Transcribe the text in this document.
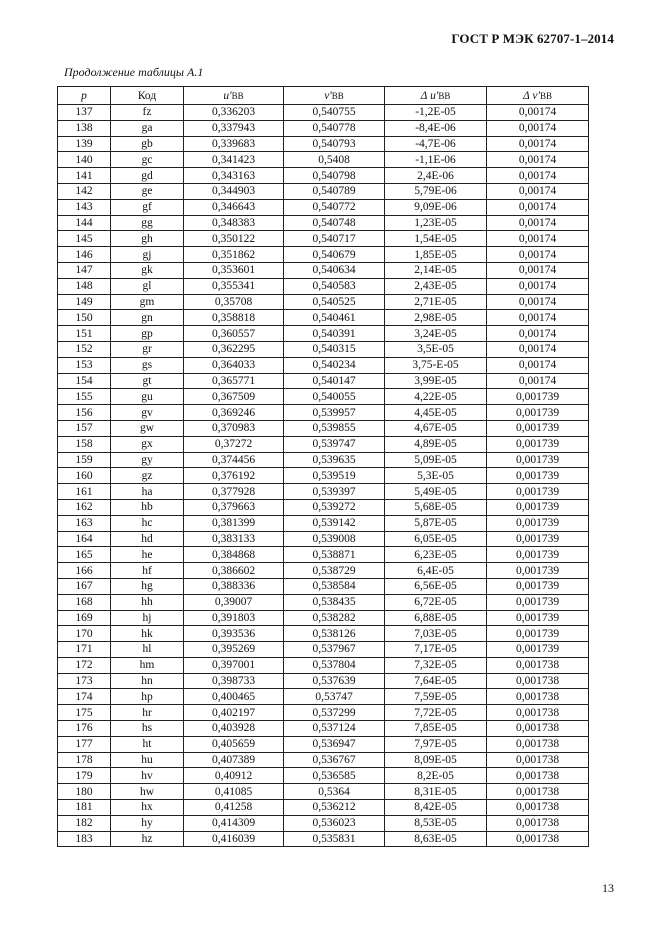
ГОСТ Р МЭК 62707-1–2014
Продолжение таблицы А.1
p	Код	u'BB	v'BB	Δ u'BB	Δ v'BB
137	fz	0,336203	0,540755	-1,2E-05	0,00174
138	ga	0,337943	0,540778	-8,4E-06	0,00174
139	gb	0,339683	0,540793	-4,7E-06	0,00174
140	gc	0,341423	0,5408	-1,1E-06	0,00174
141	gd	0,343163	0,540798	2,4E-06	0,00174
142	ge	0,344903	0,540789	5,79E-06	0,00174
143	gf	0,346643	0,540772	9,09E-06	0,00174
144	gg	0,348383	0,540748	1,23E-05	0,00174
145	gh	0,350122	0,540717	1,54E-05	0,00174
146	gj	0,351862	0,540679	1,85E-05	0,00174
147	gk	0,353601	0,540634	2,14E-05	0,00174
148	gl	0,355341	0,540583	2,43E-05	0,00174
149	gm	0,35708	0,540525	2,71E-05	0,00174
150	gn	0,358818	0,540461	2,98E-05	0,00174
151	gp	0,360557	0,540391	3,24E-05	0,00174
152	gr	0,362295	0,540315	3,5E-05	0,00174
153	gs	0,364033	0,540234	3,75-E-05	0,00174
154	gt	0,365771	0,540147	3,99E-05	0,00174
155	gu	0,367509	0,540055	4,22E-05	0,001739
156	gv	0,369246	0,539957	4,45E-05	0,001739
157	gw	0,370983	0,539855	4,67E-05	0,001739
158	gx	0,37272	0,539747	4,89E-05	0,001739
159	gy	0,374456	0,539635	5,09E-05	0,001739
160	gz	0,376192	0,539519	5,3E-05	0,001739
161	ha	0,377928	0,539397	5,49E-05	0,001739
162	hb	0,379663	0,539272	5,68E-05	0,001739
163	hc	0,381399	0,539142	5,87E-05	0,001739
164	hd	0,383133	0,539008	6,05E-05	0,001739
165	he	0,384868	0,538871	6,23E-05	0,001739
166	hf	0,386602	0,538729	6,4E-05	0,001739
167	hg	0,388336	0,538584	6,56E-05	0,001739
168	hh	0,39007	0,538435	6,72E-05	0,001739
169	hj	0,391803	0,538282	6,88E-05	0,001739
170	hk	0,393536	0,538126	7,03E-05	0,001739
171	hl	0,395269	0,537967	7,17E-05	0,001739
172	hm	0,397001	0,537804	7,32E-05	0,001738
173	hn	0,398733	0,537639	7,64E-05	0,001738
174	hp	0,400465	0,53747	7,59E-05	0,001738
175	hr	0,402197	0,537299	7,72E-05	0,001738
176	hs	0,403928	0,537124	7,85E-05	0,001738
177	ht	0,405659	0,536947	7,97E-05	0,001738
178	hu	0,407389	0,536767	8,09E-05	0,001738
179	hv	0,40912	0,536585	8,2E-05	0,001738
180	hw	0,41085	0,5364	8,31E-05	0,001738
181	hx	0,41258	0,536212	8,42E-05	0,001738
182	hy	0,414309	0,536023	8,53E-05	0,001738
183	hz	0,416039	0,535831	8,63E-05	0,001738
13
